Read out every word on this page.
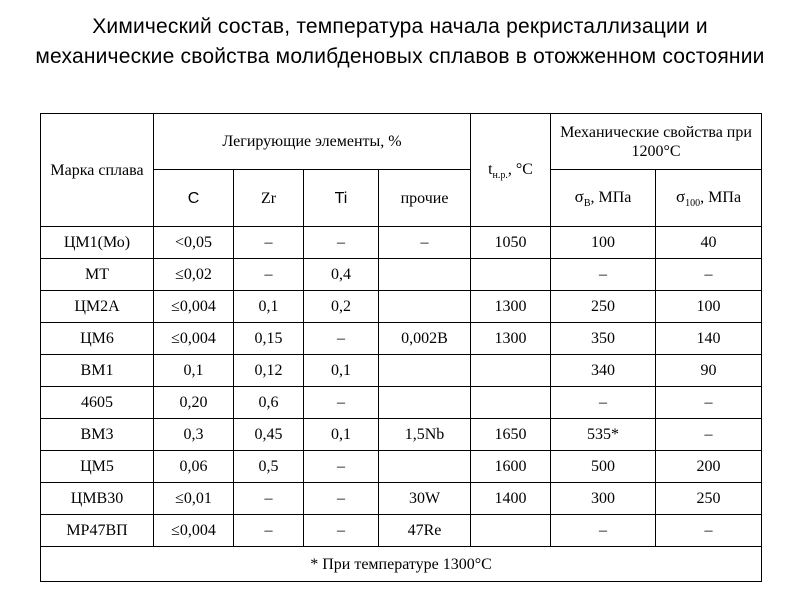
Химический состав, температура начала рекристаллизации и механические свойства молибденовых сплавов в отожженном состоянии
Марка сплава	Легирующие элементы, %				$t_{н.р.}$, °С	Механические свойства при 1200°С	
	C	Zr	Ti	прочие		$\sigma_В$, МПа	$\sigma_{100}$, МПа
ЦМ1(Мо)	<0,05	–	–	–	1050	100	40
МТ	≤0,02	–	0,4			–	–
ЦМ2А	≤0,004	0,1	0,2		1300	250	100
ЦМ6	≤0,004	0,15	–	0,002В	1300	350	140
ВМ1	0,1	0,12	0,1			340	90
4605	0,20	0,6	–			–	–
ВМ3	0,3	0,45	0,1	1,5Nb	1650	535*	–
ЦМ5	0,06	0,5	–		1600	500	200
ЦМВ30	≤0,01	–	–	30W	1400	300	250
МР47ВП	≤0,004	–	–	47Re		–	–
* При температуре 1300°С							
